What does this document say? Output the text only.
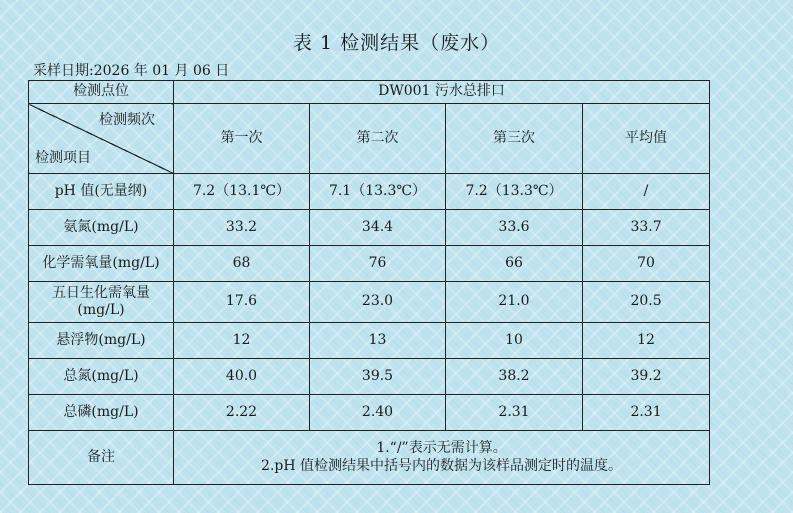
表 1 检测结果（废水）
采样日期:2026 年 01 月 06 日
检测点位	DW001 污水总排口			

检测频次
检测项目	第一次	第二次	第三次	平均值
pH 值(无量纲)	7.2（13.1℃）	7.1（13.3℃）	7.2（13.3℃）	/
氨氮(mg/L)	33.2	34.4	33.6	33.7
化学需氧量(mg/L)	68	76	66	70
五日生化需氧量(mg/L)	17.6	23.0	21.0	20.5
悬浮物(mg/L)	12	13	10	12
总氮(mg/L)	40.0	39.5	38.2	39.2
总磷(mg/L)	2.22	2.40	2.31	2.31
备注	1.“/”表示无需计算。
2.pH 值检测结果中括号内的数据为该样品测定时的温度。			
